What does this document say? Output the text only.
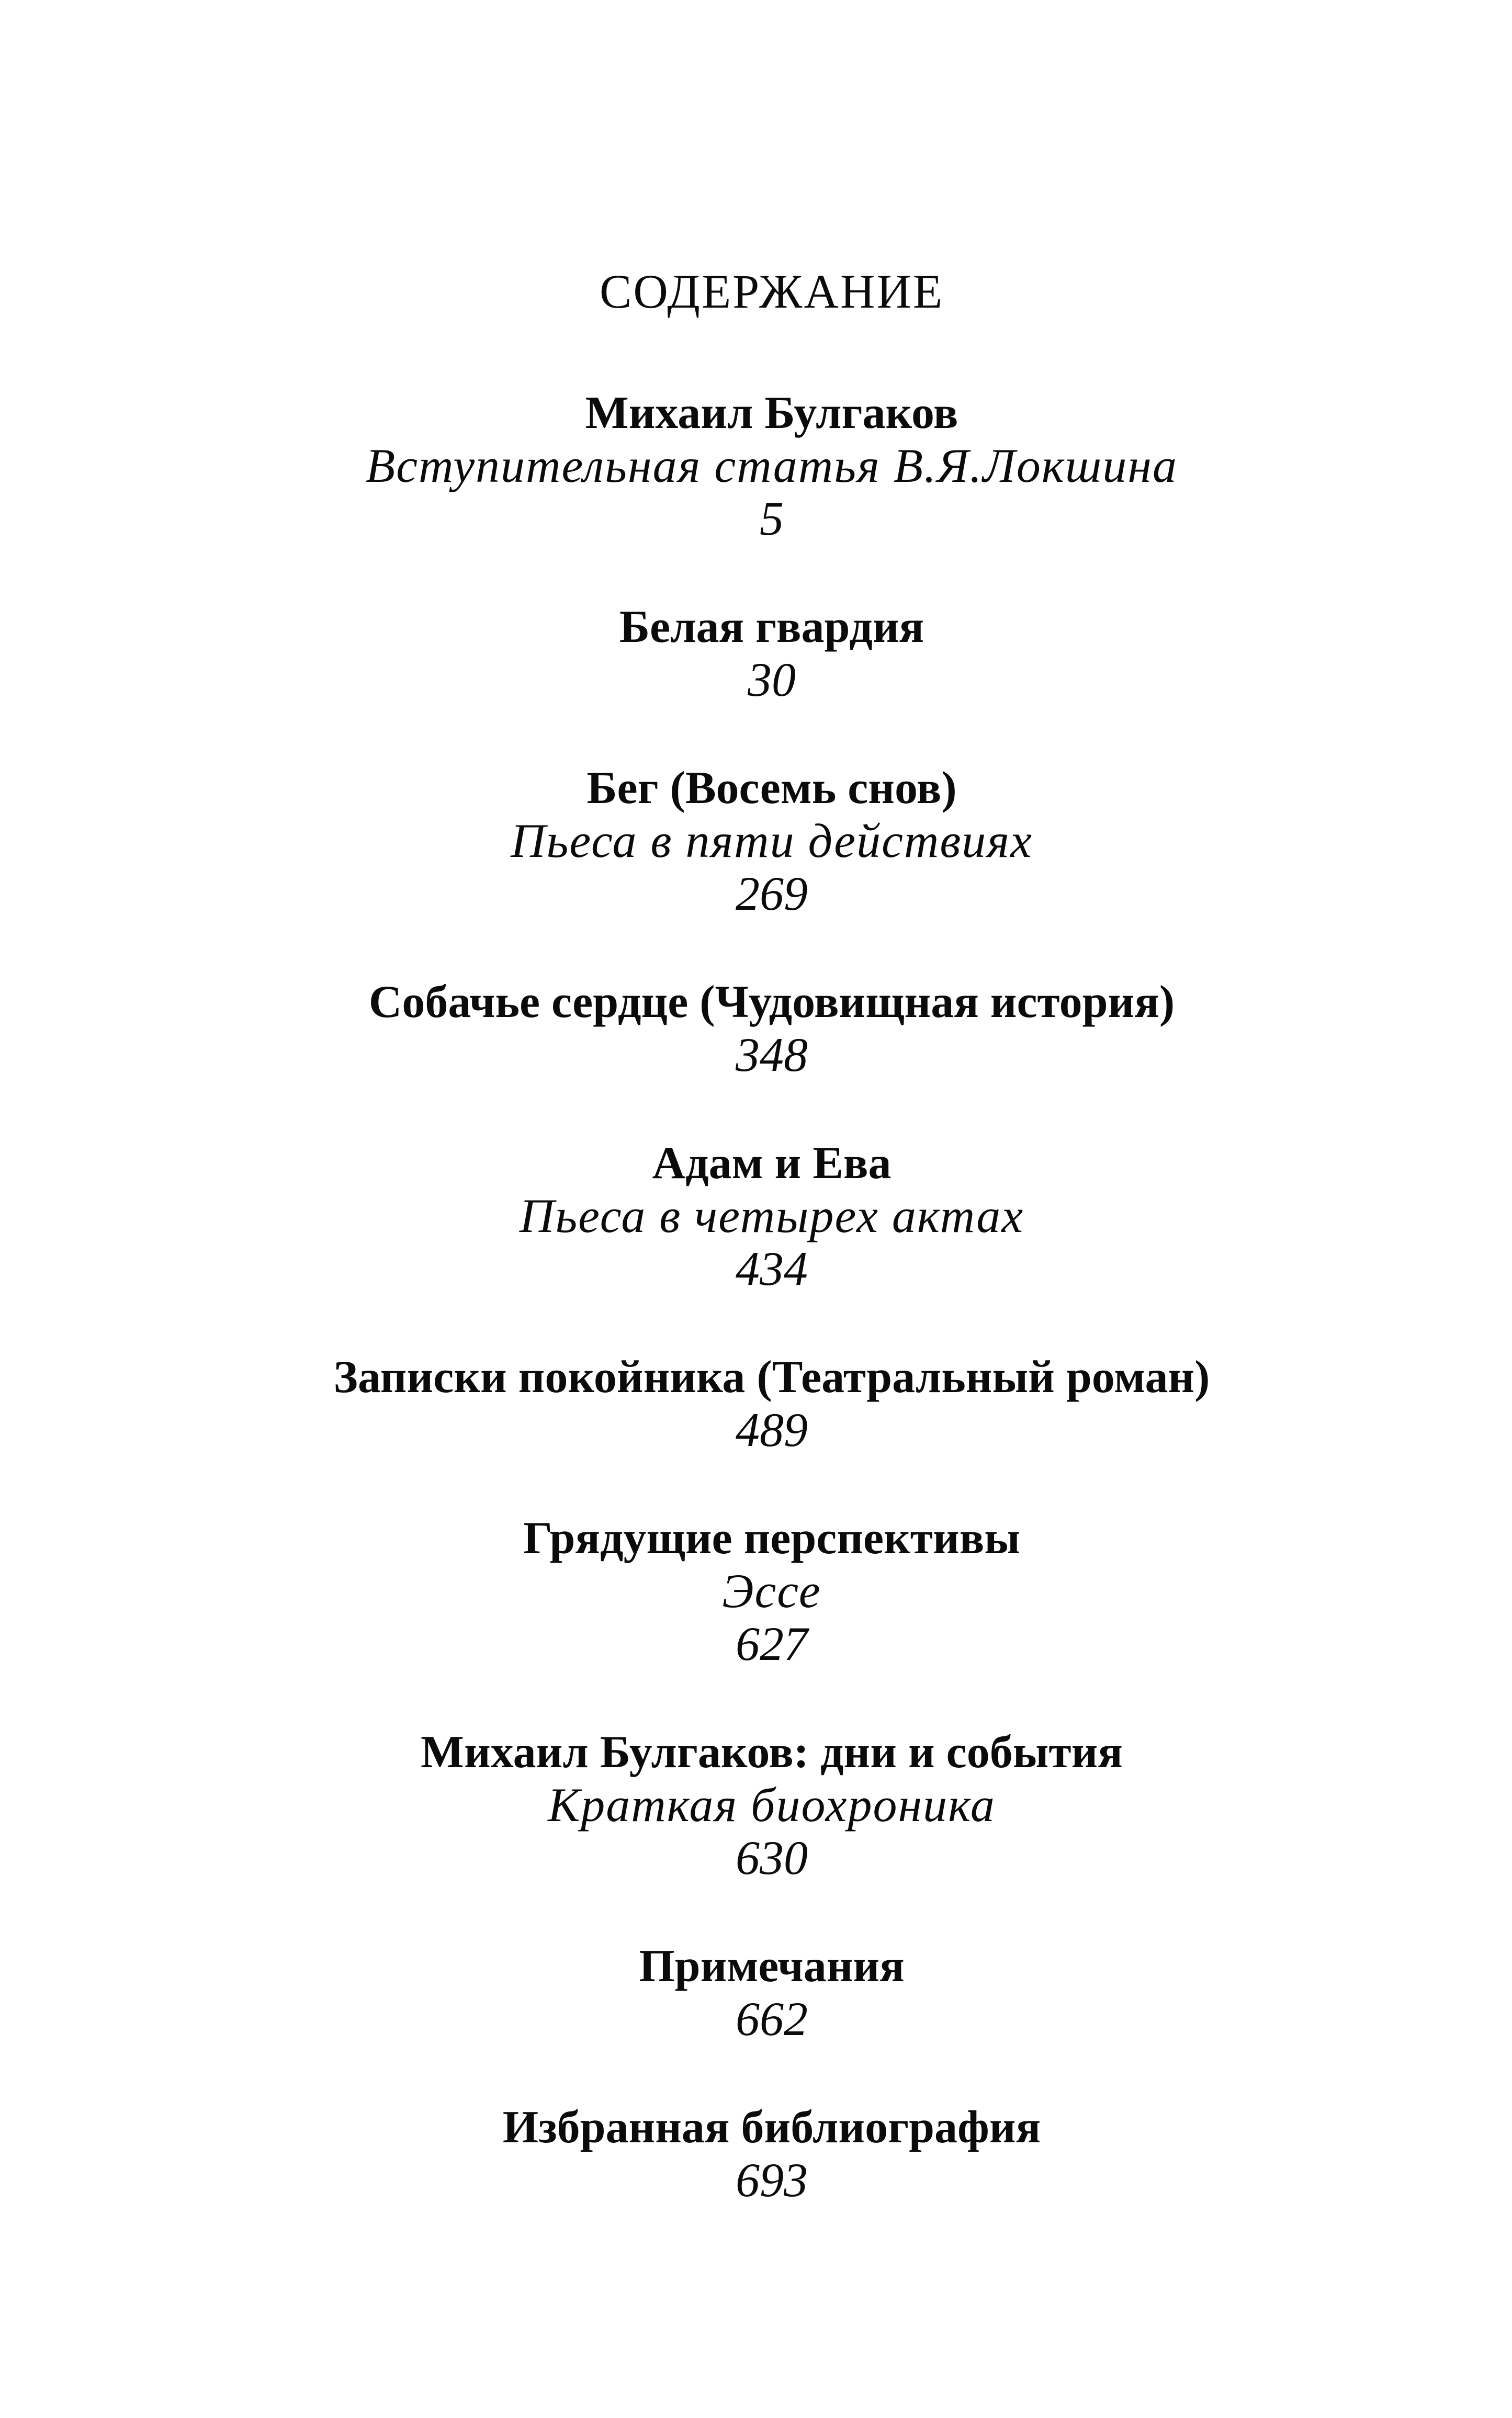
СОДЕРЖАНИЕ
Михаил Булгаков
Вступительная статья В.Я.Локшина
5
Белая гвардия
30
Бег (Восемь снов)
Пьеса в пяти действиях
269
Собачье сердце (Чудовищная история)
348
Адам и Ева
Пьеса в четырех актах
434
Записки покойника (Театральный роман)
489
Грядущие перспективы
Эссе
627
Михаил Булгаков: дни и события
Краткая биохроника
630
Примечания
662
Избранная библиография
693
